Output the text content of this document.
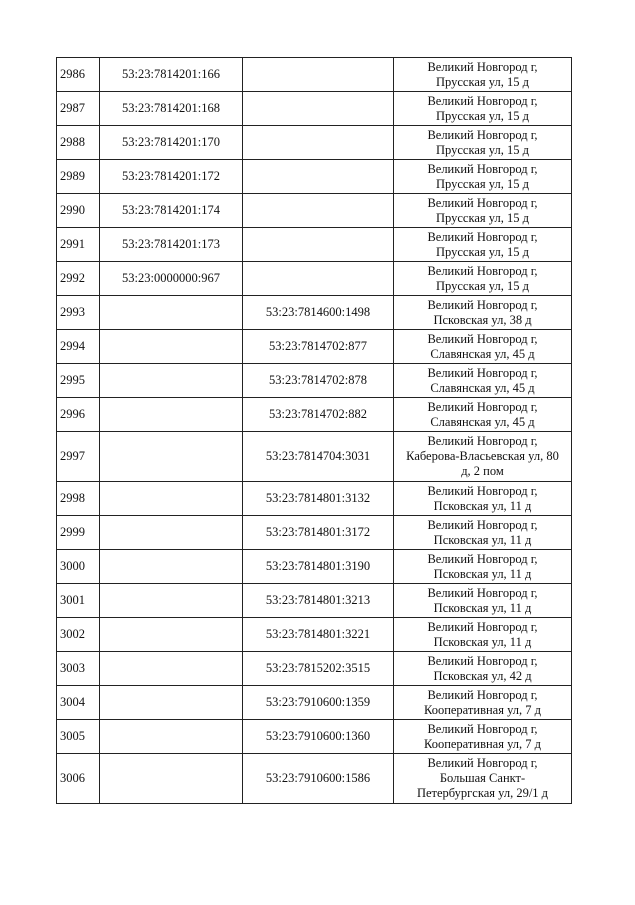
2986	53:23:7814201:166		Великий Новгород г,
Прусская ул, 15 д

2987	53:23:7814201:168		Великий Новгород г,
Прусская ул, 15 д

2988	53:23:7814201:170		Великий Новгород г,
Прусская ул, 15 д

2989	53:23:7814201:172		Великий Новгород г,
Прусская ул, 15 д

2990	53:23:7814201:174		Великий Новгород г,
Прусская ул, 15 д

2991	53:23:7814201:173		Великий Новгород г,
Прусская ул, 15 д

2992	53:23:0000000:967		Великий Новгород г,
Прусская ул, 15 д

2993		53:23:7814600:1498	Великий Новгород г,
Псковская ул, 38 д

2994		53:23:7814702:877	Великий Новгород г,
Славянская ул, 45 д

2995		53:23:7814702:878	Великий Новгород г,
Славянская ул, 45 д

2996		53:23:7814702:882	Великий Новгород г,
Славянская ул, 45 д

2997		53:23:7814704:3031	Великий Новгород г,
Каберова-Власьевская ул, 80
д, 2 пом

2998		53:23:7814801:3132	Великий Новгород г,
Псковская ул, 11 д

2999		53:23:7814801:3172	Великий Новгород г,
Псковская ул, 11 д

3000		53:23:7814801:3190	Великий Новгород г,
Псковская ул, 11 д

3001		53:23:7814801:3213	Великий Новгород г,
Псковская ул, 11 д

3002		53:23:7814801:3221	Великий Новгород г,
Псковская ул, 11 д

3003		53:23:7815202:3515	Великий Новгород г,
Псковская ул, 42 д

3004		53:23:7910600:1359	Великий Новгород г,
Кооперативная ул, 7 д

3005		53:23:7910600:1360	Великий Новгород г,
Кооперативная ул, 7 д

3006		53:23:7910600:1586	Великий Новгород г,
Большая Санкт-
Петербургская ул, 29/1 д
